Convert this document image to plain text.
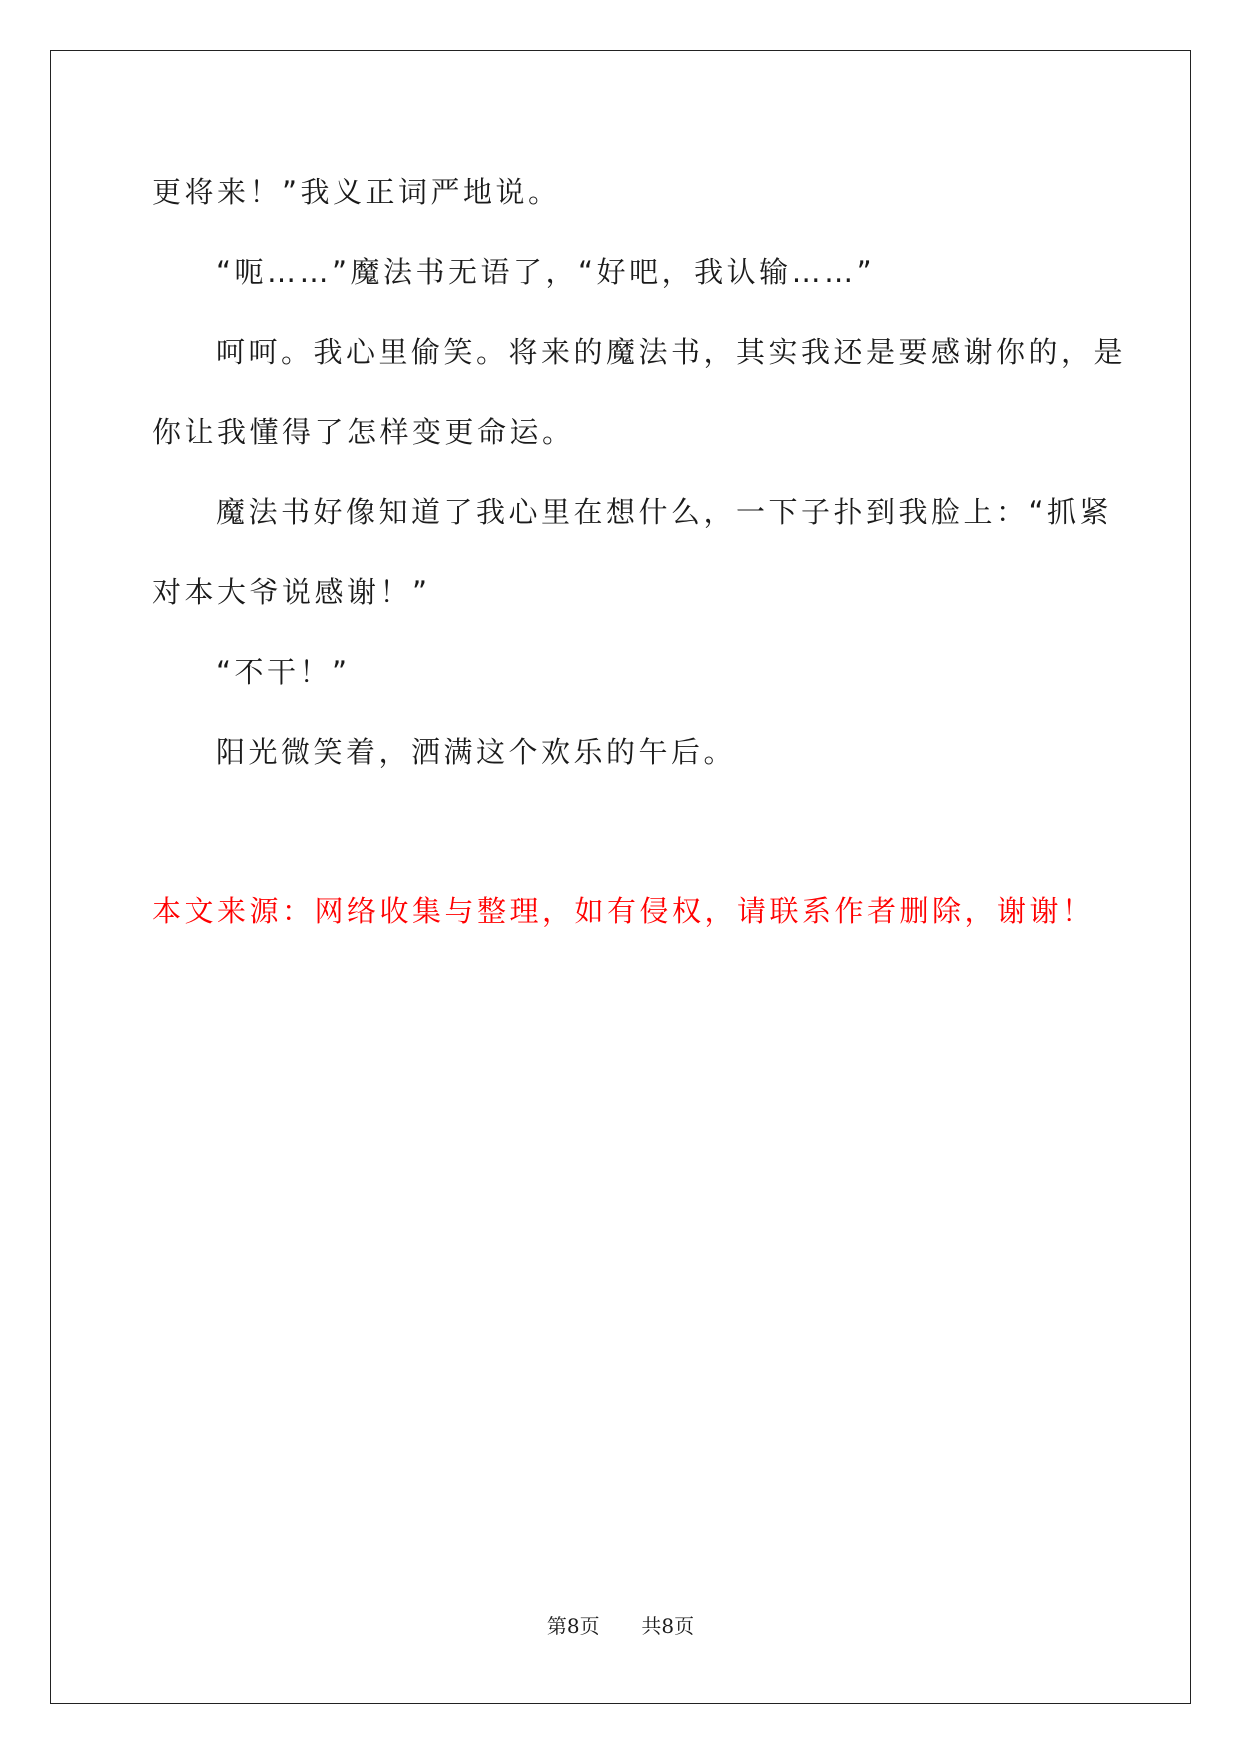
更将来！”我义正词严地说。
“呃……”魔法书无语了，“好吧，我认输……”
呵呵。我心里偷笑。将来的魔法书，其实我还是要感谢你的，是
你让我懂得了怎样变更命运。
魔法书好像知道了我心里在想什么，一下子扑到我脸上：“抓紧
对本大爷说感谢！”
“不干！”
阳光微笑着，洒满这个欢乐的午后。
本文来源：网络收集与整理，如有侵权，请联系作者删除，谢谢！
第8页 共8页
